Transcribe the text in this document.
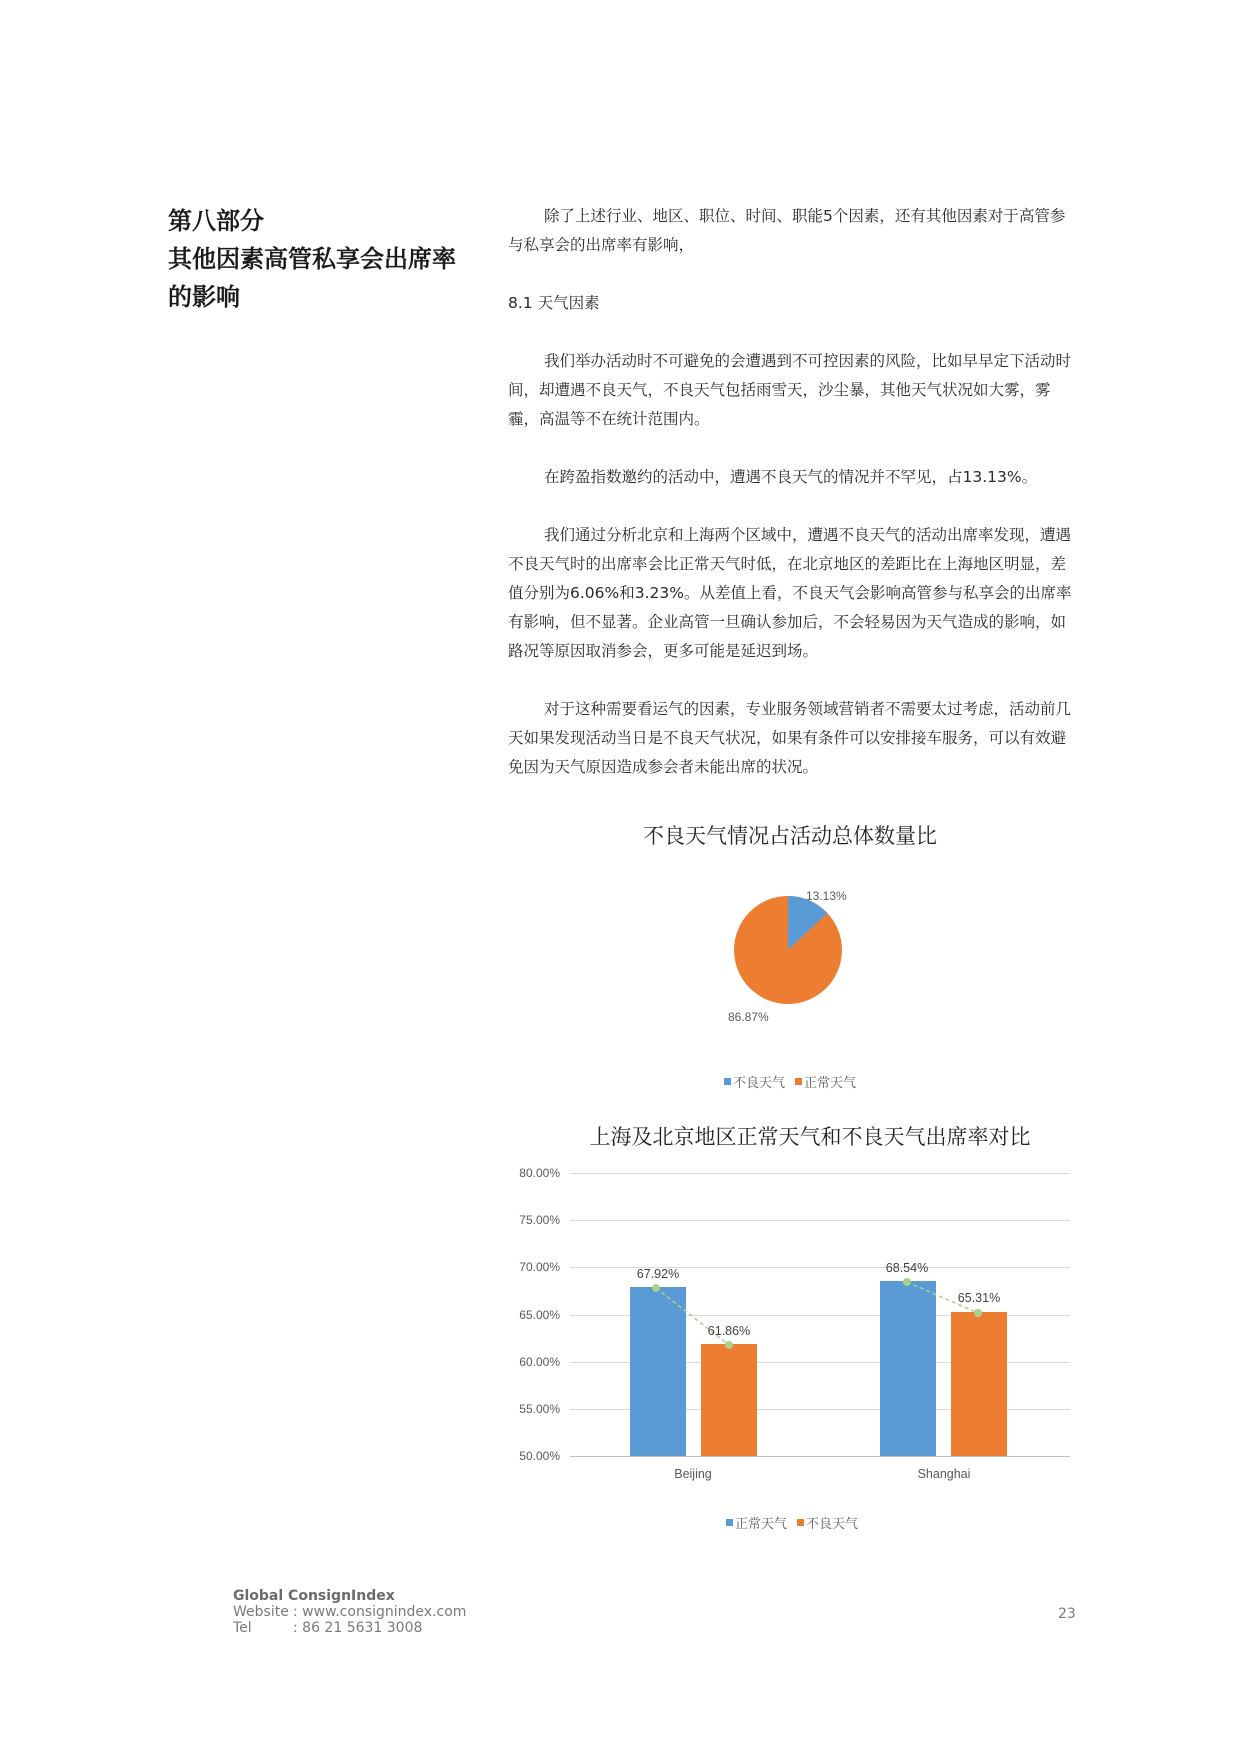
第八部分
其他因素高管私享会出席率
的影响

除了上述行业、地区、职位、时间、职能5个因素，还有其他因素对于高管参与私享会的出席率有影响，

8.1 天气因素

我们举办活动时不可避免的会遭遇到不可控因素的风险，比如早早定下活动时间，却遭遇不良天气，不良天气包括雨雪天，沙尘暴，其他天气状况如大雾，雾霾，高温等不在统计范围内。

在跨盈指数邀约的活动中，遭遇不良天气的情况并不罕见，占13.13%。

我们通过分析北京和上海两个区域中，遭遇不良天气的活动出席率发现，遭遇不良天气时的出席率会比正常天气时低，在北京地区的差距比在上海地区明显，差值分别为6.06%和3.23%。从差值上看，不良天气会影响高管参与私享会的出席率有影响，但不显著。企业高管一旦确认参加后，不会轻易因为天气造成的影响，如路况等原因取消参会，更多可能是延迟到场。

对于这种需要看运气的因素，专业服务领域营销者不需要太过考虑，活动前几天如果发现活动当日是不良天气状况，如果有条件可以安排接车服务，可以有效避免因为天气原因造成参会者未能出席的状况。

不良天气情况占活动总体数量比
13.13%
86.87%
不良天气 正常天气
上海及北京地区正常天气和不良天气出席率对比
80.00%
75.00%
70.00%
65.00%
60.00%
55.00%
50.00%
67.92%
61.86%
68.54%
65.31%
Beijing	Shanghai
正常天气 不良天气
Global ConsignIndex
Website : www.consignindex.com
Tel	: 86 21 5631 3008
23
